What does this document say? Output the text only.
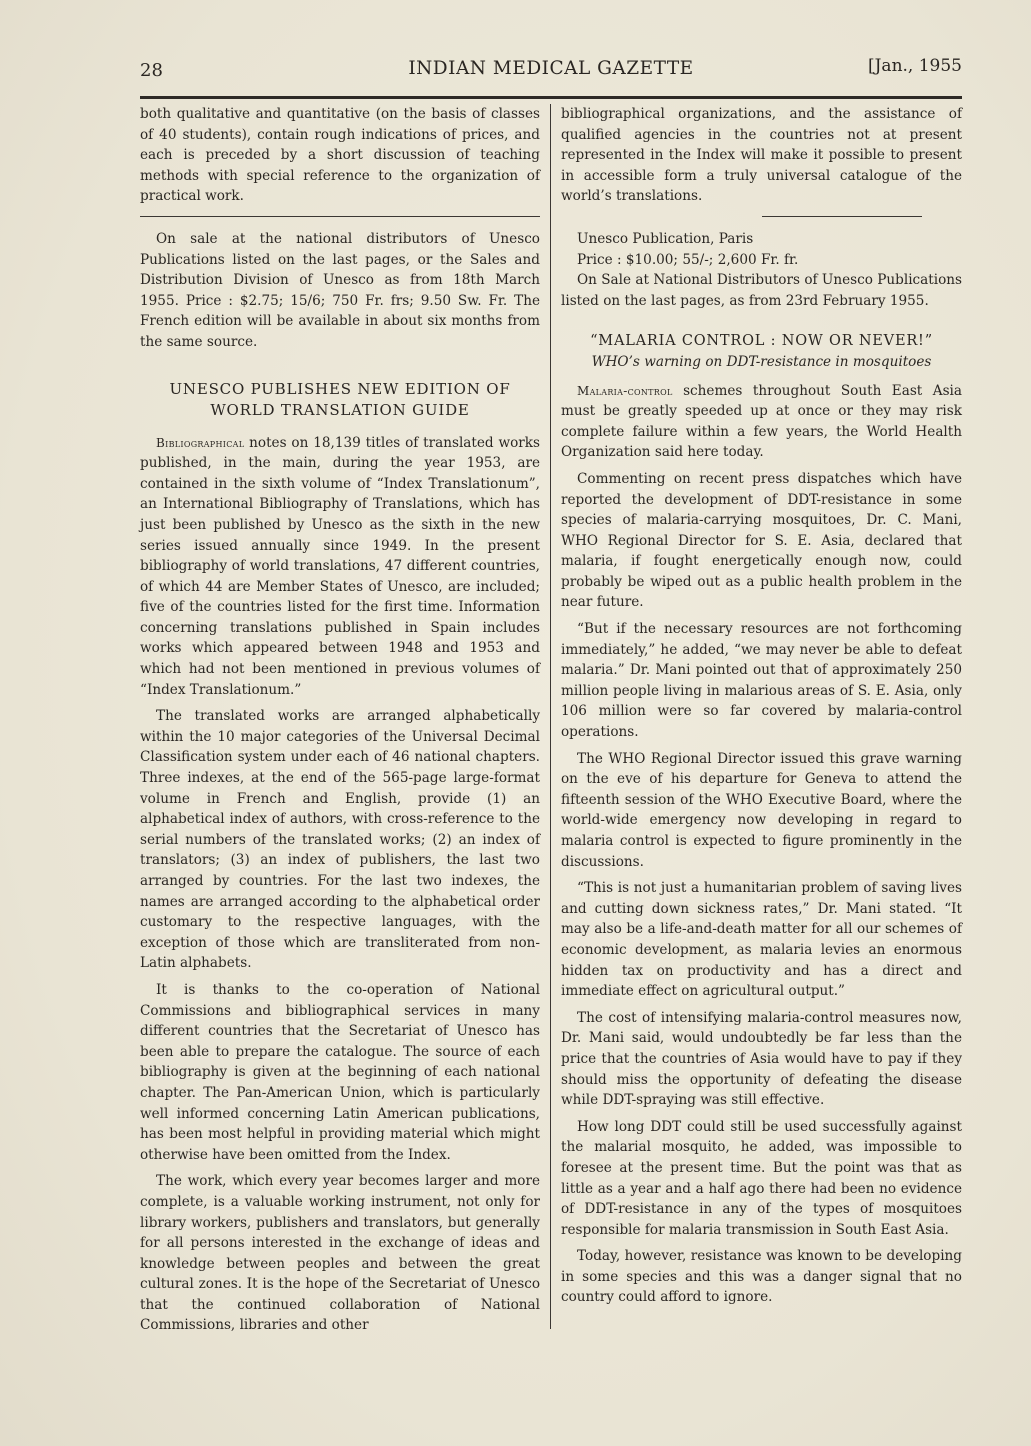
28	INDIAN MEDICAL GAZETTE	[Jan., 1955

both qualitative and quantitative (on the basis of classes of 40 students), contain rough indications of prices, and each is preceded by a short discussion of teaching methods with special reference to the organization of practical work.

On sale at the national distributors of Unesco Publications listed on the last pages, or the Sales and Distribution Division of Unesco as from 18th March 1955. Price : $2.75; 15/6; 750 Fr. frs; 9.50 Sw. Fr. The French edition will be available in about six months from the same source.

UNESCO PUBLISHES NEW EDITION OF WORLD TRANSLATION GUIDE

Bibliographical notes on 18,139 titles of translated works published, in the main, during the year 1953, are contained in the sixth volume of “Index Translationum”, an International Bibliography of Translations, which has just been published by Unesco as the sixth in the new series issued annually since 1949. In the present bibliography of world translations, 47 different countries, of which 44 are Member States of Unesco, are included; five of the countries listed for the first time. Information concerning translations published in Spain includes works which appeared between 1948 and 1953 and which had not been mentioned in previous volumes of “Index Translationum.”

The translated works are arranged alphabetically within the 10 major categories of the Universal Decimal Classification system under each of 46 national chapters. Three indexes, at the end of the 565-page large-format volume in French and English, provide (1) an alphabetical index of authors, with cross-reference to the serial numbers of the translated works; (2) an index of translators; (3) an index of publishers, the last two arranged by countries. For the last two indexes, the names are arranged according to the alphabetical order customary to the respective languages, with the exception of those which are transliterated from non-Latin alphabets.

It is thanks to the co-operation of National Commissions and bibliographical services in many different countries that the Secretariat of Unesco has been able to prepare the catalogue. The source of each bibliography is given at the beginning of each national chapter. The Pan-American Union, which is particularly well informed concerning Latin American publications, has been most helpful in providing material which might otherwise have been omitted from the Index.

The work, which every year becomes larger and more complete, is a valuable working instrument, not only for library workers, publishers and translators, but generally for all persons interested in the exchange of ideas and knowledge between peoples and between the great cultural zones. It is the hope of the Secretariat of Unesco that the continued collaboration of National Commissions, libraries and other

bibliographical organizations, and the assistance of qualified agencies in the countries not at present represented in the Index will make it possible to present in accessible form a truly universal catalogue of the world’s translations.

Unesco Publication, Paris
Price : $10.00; 55/-; 2,600 Fr. fr.

On Sale at National Distributors of Unesco Publications listed on the last pages, as from 23rd February 1955.

“MALARIA CONTROL : NOW OR NEVER!”
WHO’s warning on DDT-resistance in mosquitoes

Malaria-control schemes throughout South East Asia must be greatly speeded up at once or they may risk complete failure within a few years, the World Health Organization said here today.

Commenting on recent press dispatches which have reported the development of DDT-resistance in some species of malaria-carrying mosquitoes, Dr. C. Mani, WHO Regional Director for S. E. Asia, declared that malaria, if fought energetically enough now, could probably be wiped out as a public health problem in the near future.

“But if the necessary resources are not forthcoming immediately,” he added, “we may never be able to defeat malaria.” Dr. Mani pointed out that of approximately 250 million people living in malarious areas of S. E. Asia, only 106 million were so far covered by malaria-control operations.

The WHO Regional Director issued this grave warning on the eve of his departure for Geneva to attend the fifteenth session of the WHO Executive Board, where the world-wide emergency now developing in regard to malaria control is expected to figure prominently in the discussions.

“This is not just a humanitarian problem of saving lives and cutting down sickness rates,” Dr. Mani stated. “It may also be a life-and-death matter for all our schemes of economic development, as malaria levies an enormous hidden tax on productivity and has a direct and immediate effect on agricultural output.”

The cost of intensifying malaria-control measures now, Dr. Mani said, would undoubtedly be far less than the price that the countries of Asia would have to pay if they should miss the opportunity of defeating the disease while DDT-spraying was still effective.

How long DDT could still be used successfully against the malarial mosquito, he added, was impossible to foresee at the present time. But the point was that as little as a year and a half ago there had been no evidence of DDT-resistance in any of the types of mosquitoes responsible for malaria transmission in South East Asia.

Today, however, resistance was known to be developing in some species and this was a danger signal that no country could afford to ignore.
